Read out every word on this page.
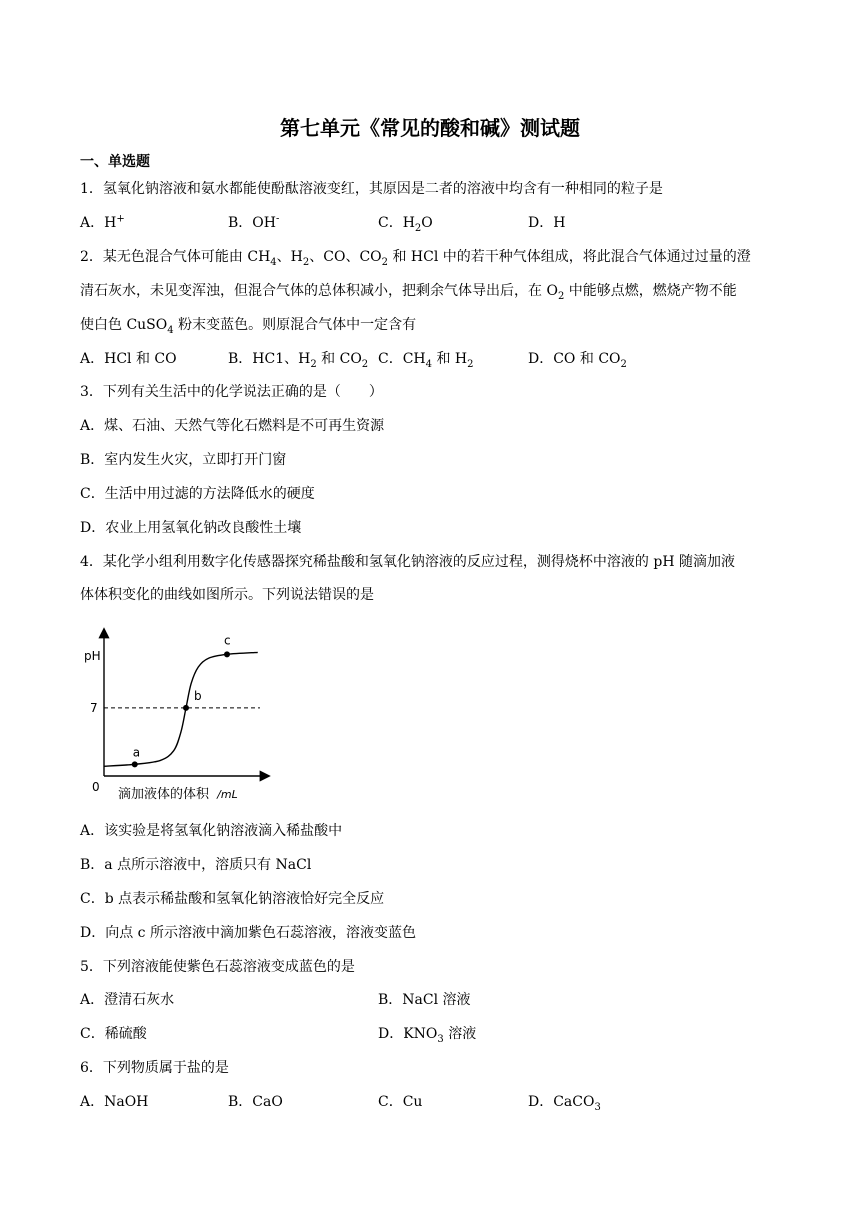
第七单元《常见的酸和碱》测试题
一、单选题
1．氢氧化钠溶液和氨水都能使酚酞溶液变红，其原因是二者的溶液中均含有一种相同的粒子是
A．H+	B．OH-	C．$H_2O$	D．H
2．某无色混合气体可能由 $CH_4$、$H_2$、CO、$CO_2$ 和 HCl 中的若干种气体组成，将此混合气体通过过量的澄
清石灰水，未见变浑浊，但混合气体的总体积减小，把剩余气体导出后，在 $O_2$ 中能够点燃，燃烧产物不能
使白色 CuSO$_4$ 粉末变蓝色。则原混合气体中一定含有
A．HCl 和 CO	B．HC1、$H_2$ 和 $CO_2$ C．$CH_4$ 和 $H_2$	D．CO 和 $CO_2$
3．下列有关生活中的化学说法正确的是（　　）
A．煤、石油、天然气等化石燃料是不可再生资源
B．室内发生火灾，立即打开门窗
C．生活中用过滤的方法降低水的硬度
D．农业上用氢氧化钠改良酸性土壤
4．某化学小组利用数字化传感器探究稀盐酸和氢氧化钠溶液的反应过程，测得烧杯中溶液的 pH 随滴加液
体体积变化的曲线如图所示。下列说法错误的是
a
b
c
pH
7
0 滴加液体的体积 /mL
A．该实验是将氢氧化钠溶液滴入稀盐酸中
B．a 点所示溶液中，溶质只有 NaCl
C．b 点表示稀盐酸和氢氧化钠溶液恰好完全反应
D．向点 c 所示溶液中滴加紫色石蕊溶液，溶液变蓝色
5．下列溶液能使紫色石蕊溶液变成蓝色的是
A．澄清石灰水	B．NaCl 溶液
C．稀硫酸	D．$KNO_3$ 溶液
6．下列物质属于盐的是
A．NaOH	B．CaO	C．Cu	D．CaCO$_3$
